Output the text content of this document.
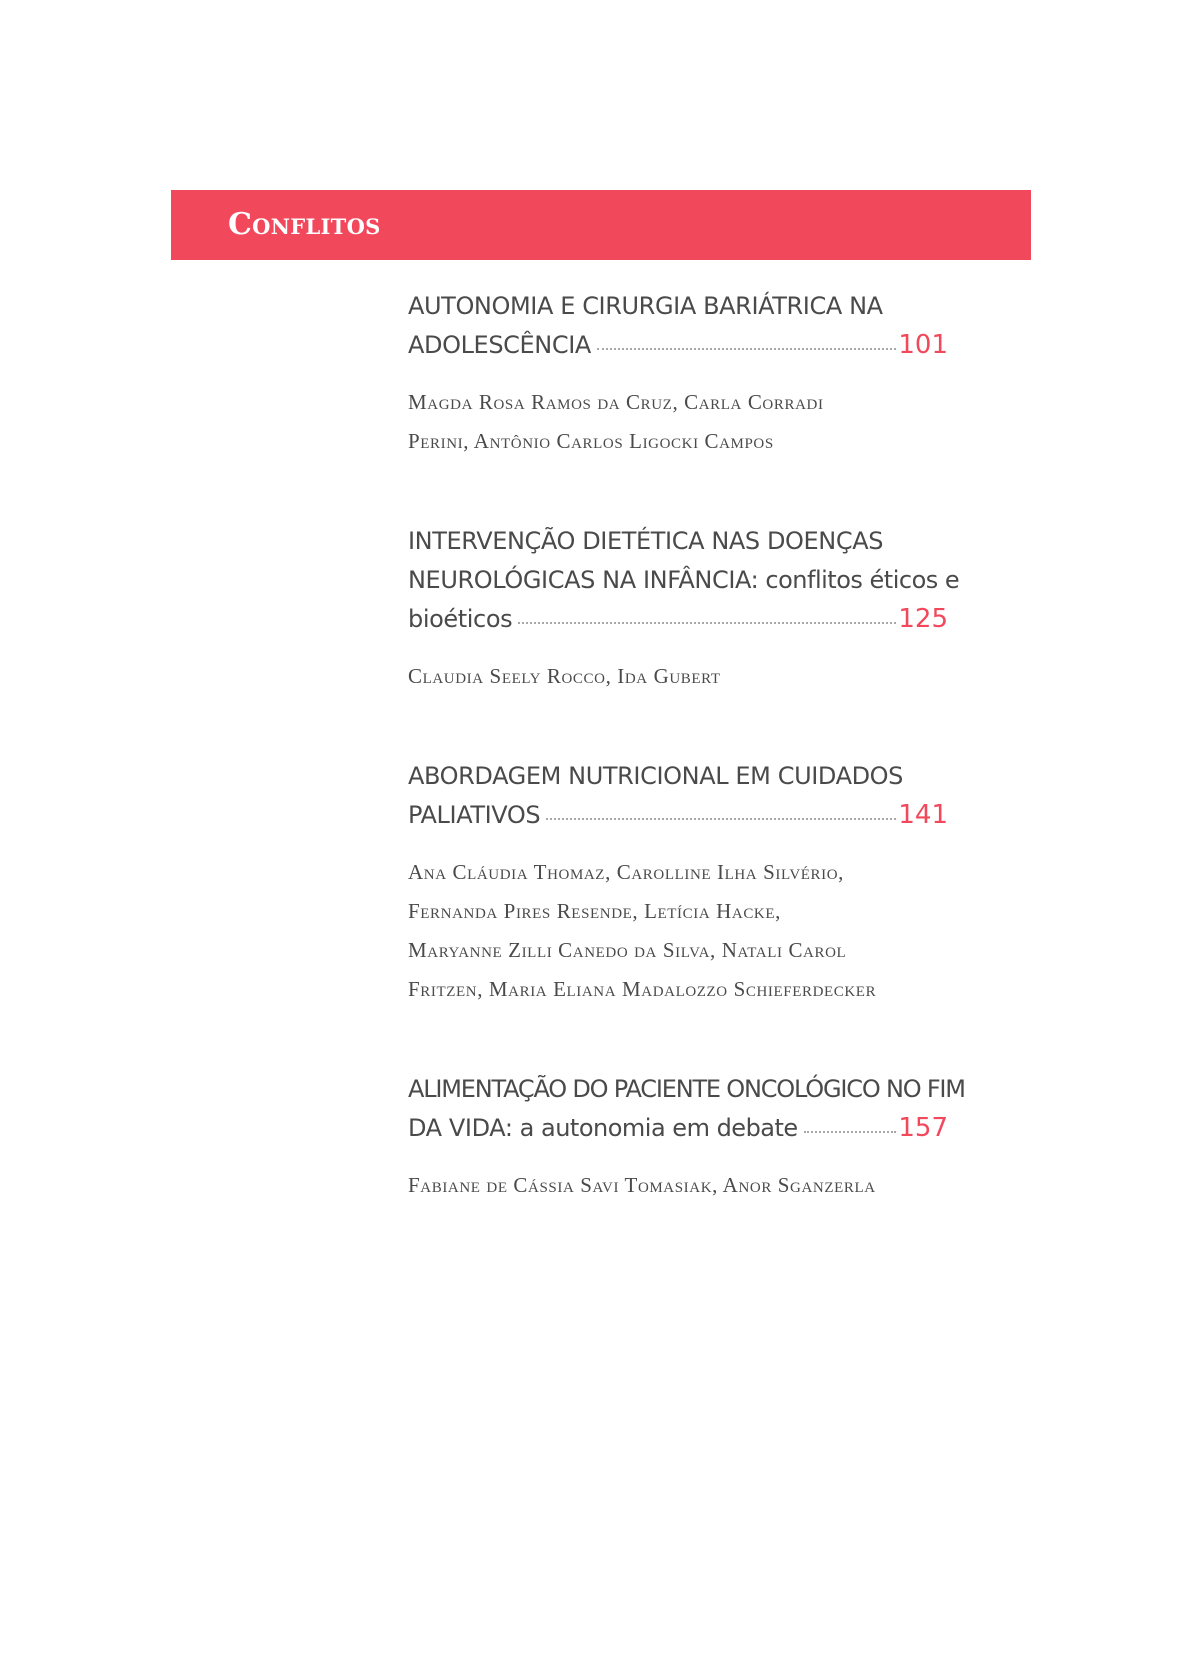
Conflitos
AUTONOMIA E CIRURGIA BARIÁTRICA NA
ADOLESCÊNCIA	101

Magda Rosa Ramos da Cruz, Carla Corradi
Perini, Antônio Carlos Ligocki Campos

INTERVENÇÃO DIETÉTICA NAS DOENÇAS
NEUROLÓGICAS NA INFÂNCIA: conflitos éticos e
bioéticos	125

Claudia Seely Rocco, Ida Gubert

ABORDAGEM NUTRICIONAL EM CUIDADOS
PALIATIVOS	141

Ana Cláudia Thomaz, Carolline Ilha Silvério,
Fernanda Pires Resende, Letícia Hacke,
Maryanne Zilli Canedo da Silva, Natali Carol
Fritzen, Maria Eliana Madalozzo Schieferdecker

ALIMENTAÇÃO DO PACIENTE ONCOLÓGICO NO FIM
DA VIDA: a autonomia em debate	157

Fabiane de Cássia Savi Tomasiak, Anor Sganzerla
